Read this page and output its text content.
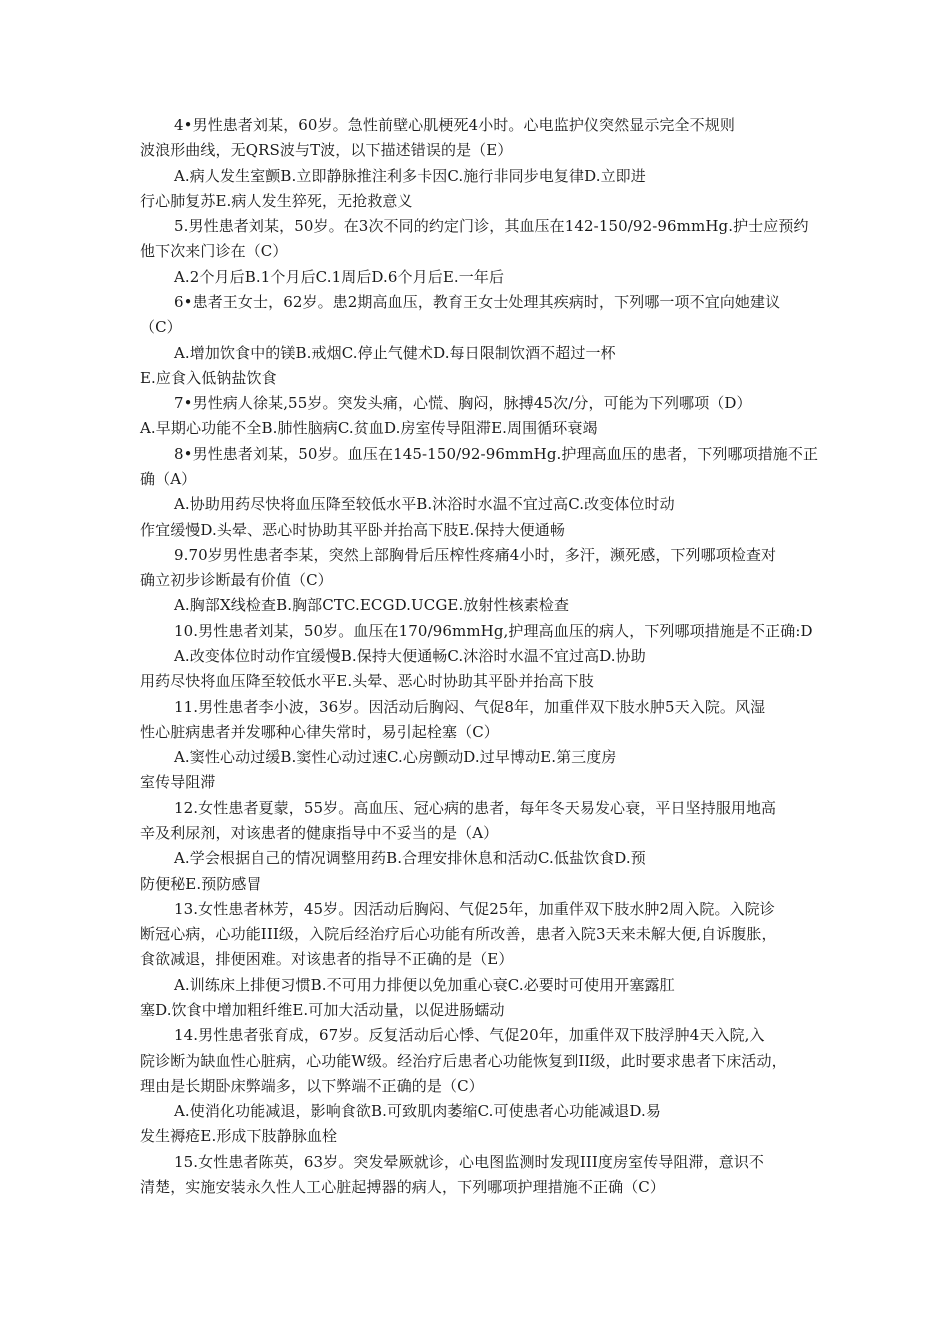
4•男性患者刘某，60岁。急性前壁心肌梗死4小时。心电监护仪突然显示完全不规则
波浪形曲线，无QRS波与T波，以下描述错误的是（E）
A.病人发生室颤B.立即静脉推注利多卡因C.施行非同步电复律D.立即进
行心肺复苏E.病人发生猝死，无抢救意义
5.男性患者刘某，50岁。在3次不同的约定门诊，其血压在142-150/92-96mmHg.护士应预约
他下次来门诊在（C）
A.2个月后B.1个月后C.1周后D.6个月后E.一年后
6•患者王女士，62岁。患2期高血压，教育王女士处理其疾病时，下列哪一项不宜向她建议
（C）
A.增加饮食中的镁B.戒烟C.停止气健术D.每日限制饮酒不超过一杯
E.应食入低钠盐饮食
7•男性病人徐某,55岁。突发头痛，心慌、胸闷，脉搏45次/分，可能为下列哪项（D）
A.早期心功能不全B.肺性脑病C.贫血D.房室传导阻滞E.周围循环衰竭
8•男性患者刘某，50岁。血压在145-150/92-96mmHg.护理高血压的患者，下列哪项措施不正
确（A）
A.协助用药尽快将血压降至较低水平B.沐浴时水温不宜过高C.改变体位时动
作宜缓慢D.头晕、恶心时协助其平卧并抬高下肢E.保持大便通畅
9.70岁男性患者李某，突然上部胸骨后压榨性疼痛4小时，多汗，濒死感，下列哪项检查对
确立初步诊断最有价值（C）
A.胸部X线检查B.胸部CTC.ECGD.UCGE.放射性核素检查
10.男性患者刘某，50岁。血压在170/96mmHg,护理高血压的病人，下列哪项措施是不正确:D
A.改变体位时动作宜缓慢B.保持大便通畅C.沐浴时水温不宜过高D.协助
用药尽快将血压降至较低水平E.头晕、恶心时协助其平卧并抬高下肢
11.男性患者李小波，36岁。因活动后胸闷、气促8年，加重伴双下肢水肿5天入院。风湿
性心脏病患者并发哪种心律失常时，易引起栓塞（C）
A.窦性心动过缓B.窦性心动过速C.心房颤动D.过早博动E.第三度房
室传导阻滞
12.女性患者夏蒙，55岁。高血压、冠心病的患者，每年冬天易发心衰，平日坚持服用地高
辛及利尿剂，对该患者的健康指导中不妥当的是（A）
A.学会根据自己的情况调整用药B.合理安排休息和活动C.低盐饮食D.预
防便秘E.预防感冒
13.女性患者林芳，45岁。因活动后胸闷、气促25年，加重伴双下肢水肿2周入院。入院诊
断冠心病，心功能III级，入院后经治疗后心功能有所改善，患者入院3天来未解大便,自诉腹胀，
食欲减退，排便困难。对该患者的指导不正确的是（E）
A.训练床上排便习惯B.不可用力排便以免加重心衰C.必要时可使用开塞露肛
塞D.饮食中增加粗纤维E.可加大活动量，以促进肠蠕动
14.男性患者张育成，67岁。反复活动后心悸、气促20年，加重伴双下肢浮肿4天入院,入
院诊断为缺血性心脏病，心功能W级。经治疗后患者心功能恢复到II级，此时要求患者下床活动，
理由是长期卧床弊端多，以下弊端不正确的是（C）
A.使消化功能减退，影响食欲B.可致肌肉萎缩C.可使患者心功能减退D.易
发生褥疮E.形成下肢静脉血栓
15.女性患者陈英，63岁。突发晕厥就诊，心电图监测时发现III度房室传导阻滞，意识不
清楚，实施安装永久性人工心脏起搏器的病人，下列哪项护理措施不正确（C）
